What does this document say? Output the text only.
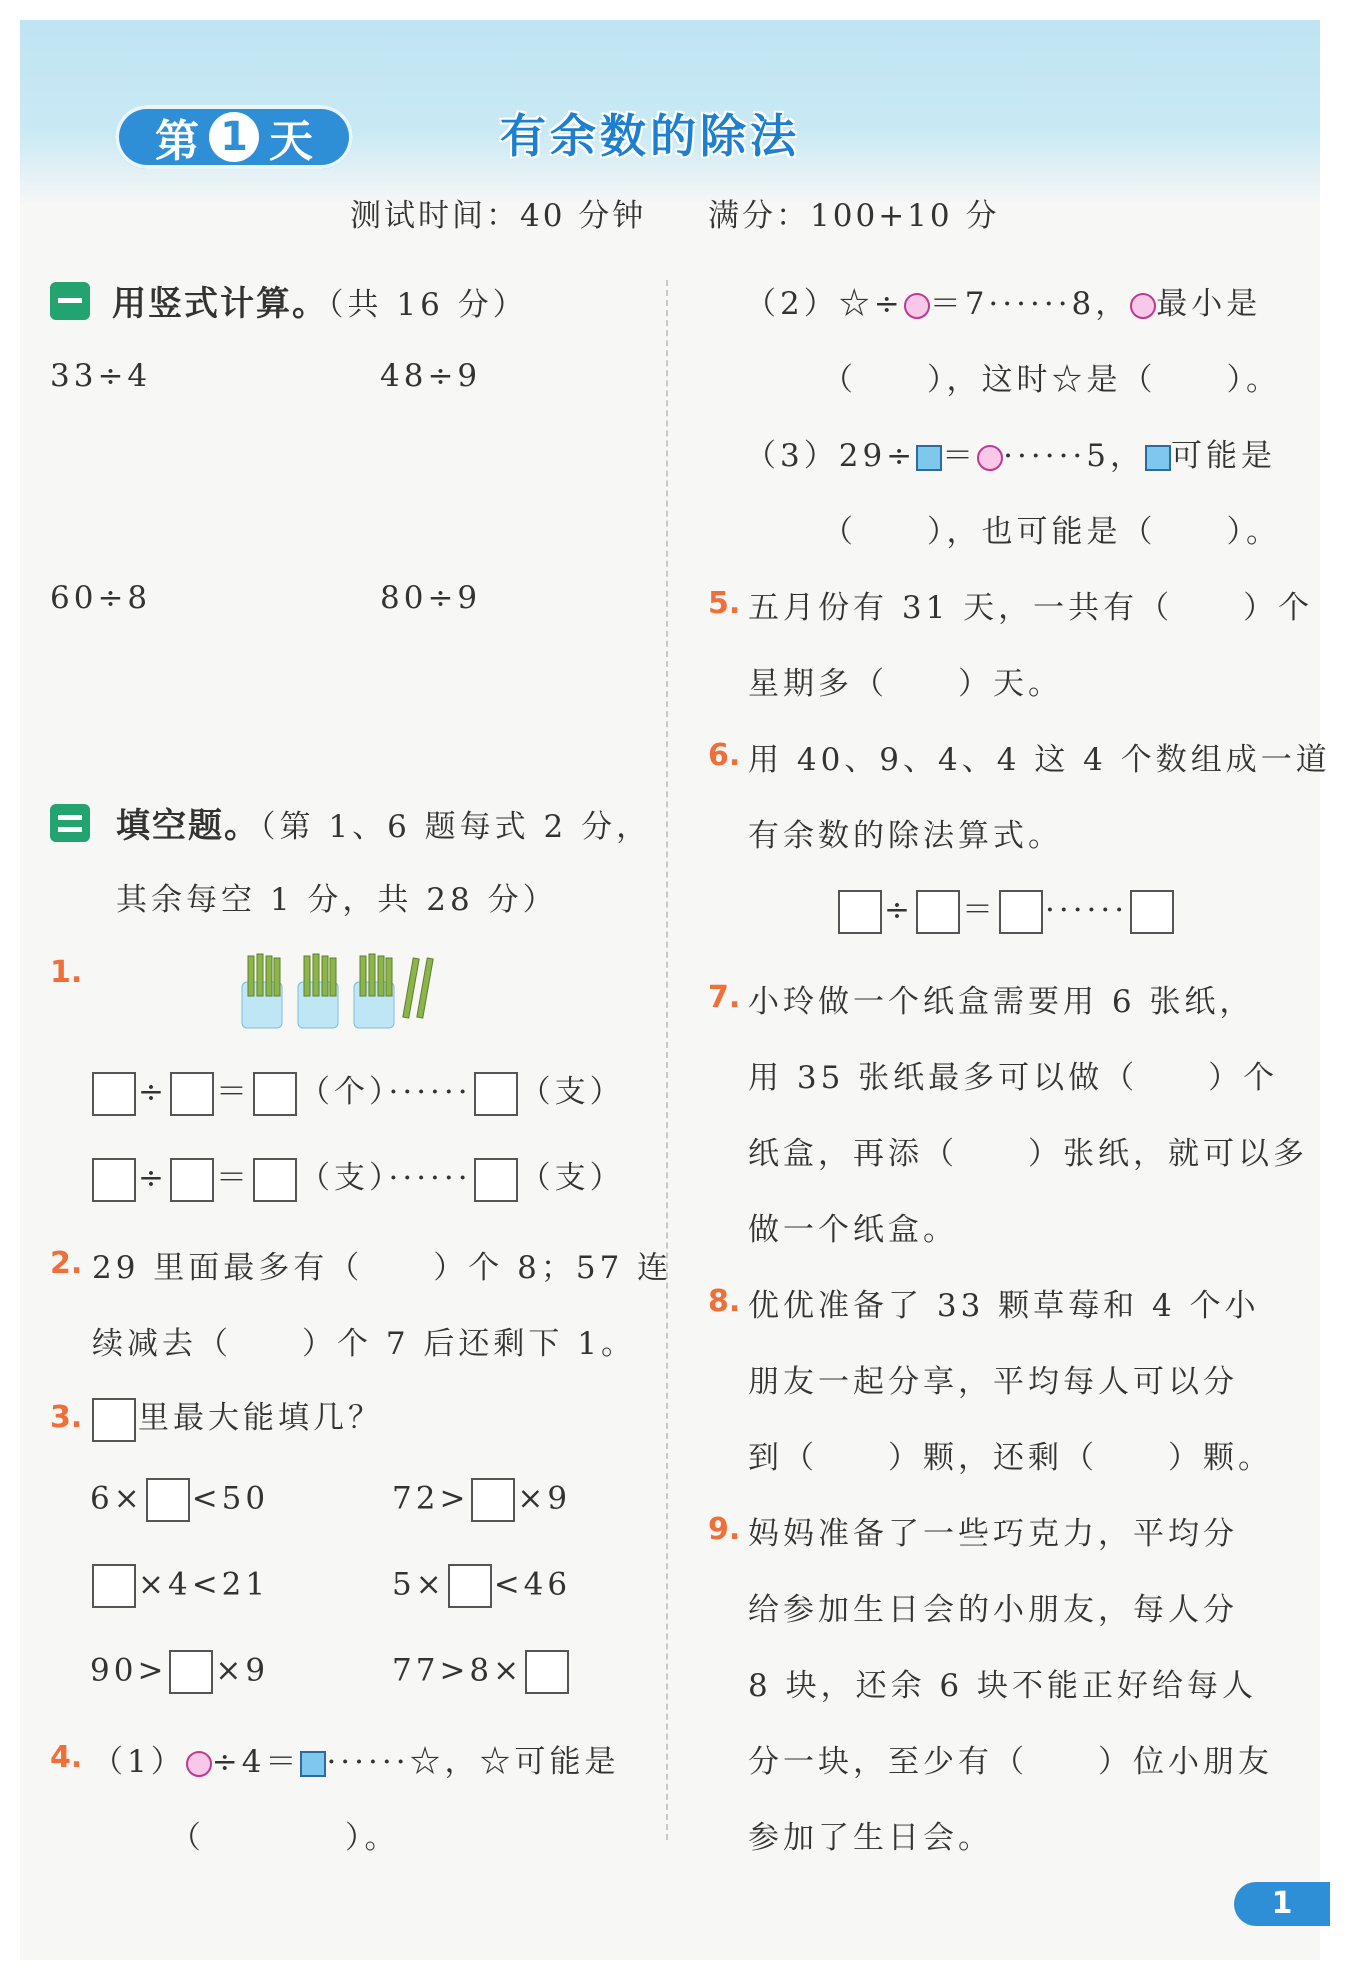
第 1 天	有余数的除法
测试时间：40 分钟 满分：100+10 分
用竖式计算。（共 16 分）
33÷4	48÷9
60÷8	80÷9
填空题。（第 1、6 题每式 2 分，
其余每空 1 分，共 28 分）
1.
÷ ＝ （个）······ （支）
÷ ＝ （支）······ （支）
2. 29 里面最多有（　　）个 8；57 连
续减去（　　）个 7 后还剩下 1。
3.	里最大能填几？
6× <50	72> ×9
×4<21	5× <46
90> ×9	77>8×
4. （1） ÷4＝ ······☆，☆可能是
（　　　　）。
（2）☆÷ ＝7······8， 最小是
（　　），这时☆是（　　）。
（3）29÷ ＝ ······5， 可能是
（　　），也可能是（　　）。
5. 五月份有 31 天，一共有（　　）个
星期多（　　）天。
6. 用 40、9、4、4 这 4 个数组成一道
有余数的除法算式。
÷ ＝ ······
7. 小玲做一个纸盒需要用 6 张纸，
用 35 张纸最多可以做（　　）个
纸盒，再添（　　）张纸，就可以多
做一个纸盒。
8. 优优准备了 33 颗草莓和 4 个小
朋友一起分享，平均每人可以分
到（　　）颗，还剩（　　）颗。
9. 妈妈准备了一些巧克力，平均分
给参加生日会的小朋友，每人分
8 块，还余 6 块不能正好给每人
分一块，至少有（　　）位小朋友
参加了生日会。
1
